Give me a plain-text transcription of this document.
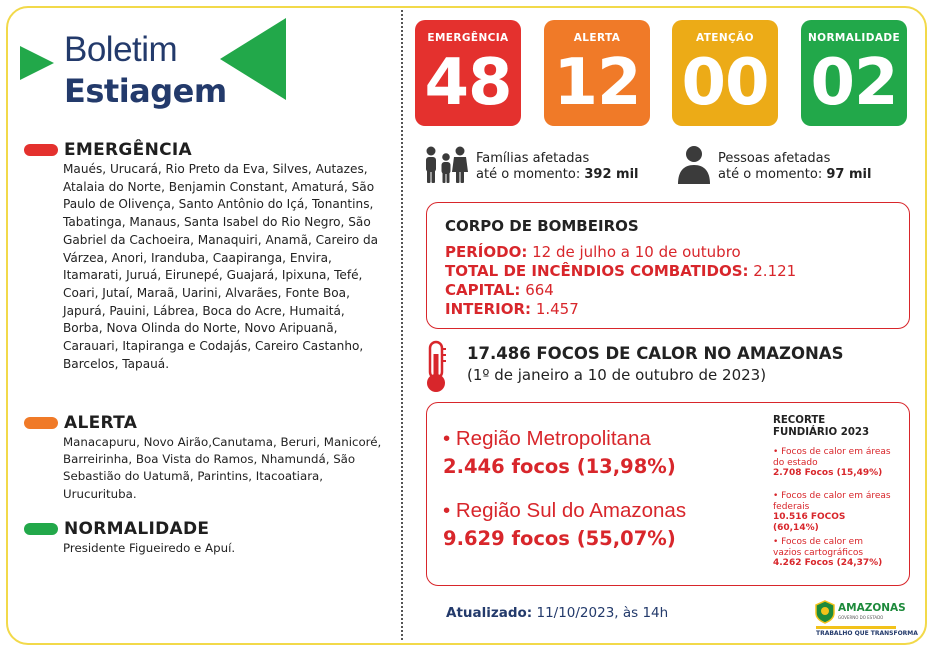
Boletim
Estiagem
EMERGÊNCIA
Maués, Urucará, Rio Preto da Eva, Silves, Autazes, Atalaia do Norte, Benjamin Constant, Amaturá, São Paulo de Olivença, Santo Antônio do Içá, Tonantins, Tabatinga, Manaus, Santa Isabel do Rio Negro, São Gabriel da Cachoeira, Manaquiri, Anamã, Careiro da Várzea, Anori, Iranduba, Caapiranga, Envira, Itamarati, Juruá, Eirunepé, Guajará, Ipixuna, Tefé, Coari, Jutaí, Maraã, Uarini, Alvarães, Fonte Boa, Japurá, Pauini, Lábrea, Boca do Acre, Humaitá, Borba, Nova Olinda do Norte, Novo Aripuanã, Carauari, Itapiranga e Codajás, Careiro Castanho, Barcelos, Tapauá.
ALERTA
Manacapuru, Novo Airão,Canutama, Beruri, Manicoré, Barreirinha, Boa Vista do Ramos, Nhamundá, São Sebastião do Uatumã, Parintins, Itacoatiara, Urucurituba.
NORMALIDADE
Presidente Figueiredo e Apuí.
EMERGÊNCIA
48
ALERTA
12
ATENÇÃO
00
NORMALIDADE
02
Famílias afetadas
até o momento: 392 mil
Pessoas afetadas
até o momento: 97 mil
CORPO DE BOMBEIROS
PERÍODO: 12 de julho a 10 de outubro
TOTAL DE INCÊNDIOS COMBATIDOS: 2.121
CAPITAL: 664
INTERIOR: 1.457
17.486 FOCOS DE CALOR NO AMAZONAS
(1º de janeiro a 10 de outubro de 2023)
• Região Metropolitana
2.446 focos (13,98%)
• Região Sul do Amazonas
9.629 focos (55,07%)
RECORTE
FUNDIÁRIO 2023
• Focos de calor em áreas do estado
2.708 Focos (15,49%)
• Focos de calor em áreas federais
10.516 FOCOS (60,14%)
• Focos de calor em vazios cartográficos
4.262 Focos (24,37%)
Atualizado: 11/10/2023, às 14h	AMAZONAS
GOVERNO DO ESTADO
TRABALHO QUE TRANSFORMA
